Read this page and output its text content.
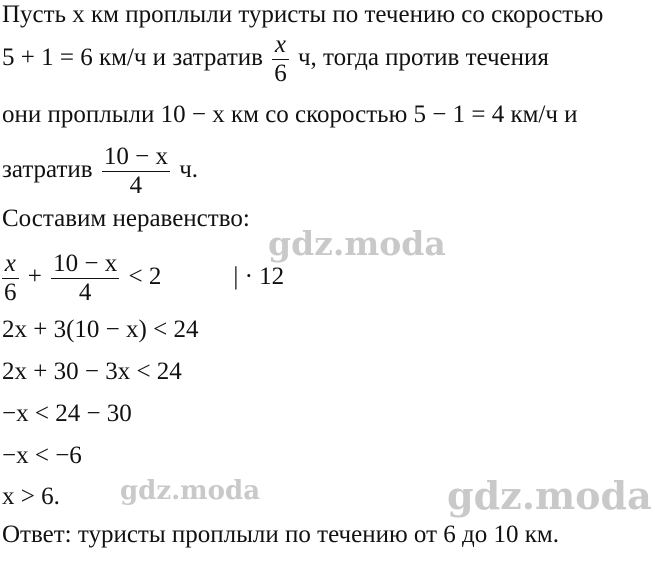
gdz.moda
gdz.moda	gdz.moda
Пусть x км проплыли туристы по течению со скоростью
5 + 1 = 6 км/ч и затратив $\frac{x}{6} ч$, тогда против течения
они проплыли 10 − x км со скоростью 5 − 1 = 4 км/ч и
затратив $\frac{10 - x}{4} ч$.
Составим неравенство:
$\frac{x}{6} + \frac{10 - x}{4} < 2$	| · 12
2x + 3(10 − x) < 24
2x + 30 − 3x < 24
−x < 24 − 30
−x < −6
x > 6.
Ответ: туристы проплыли по течению от 6 до 10 км.
